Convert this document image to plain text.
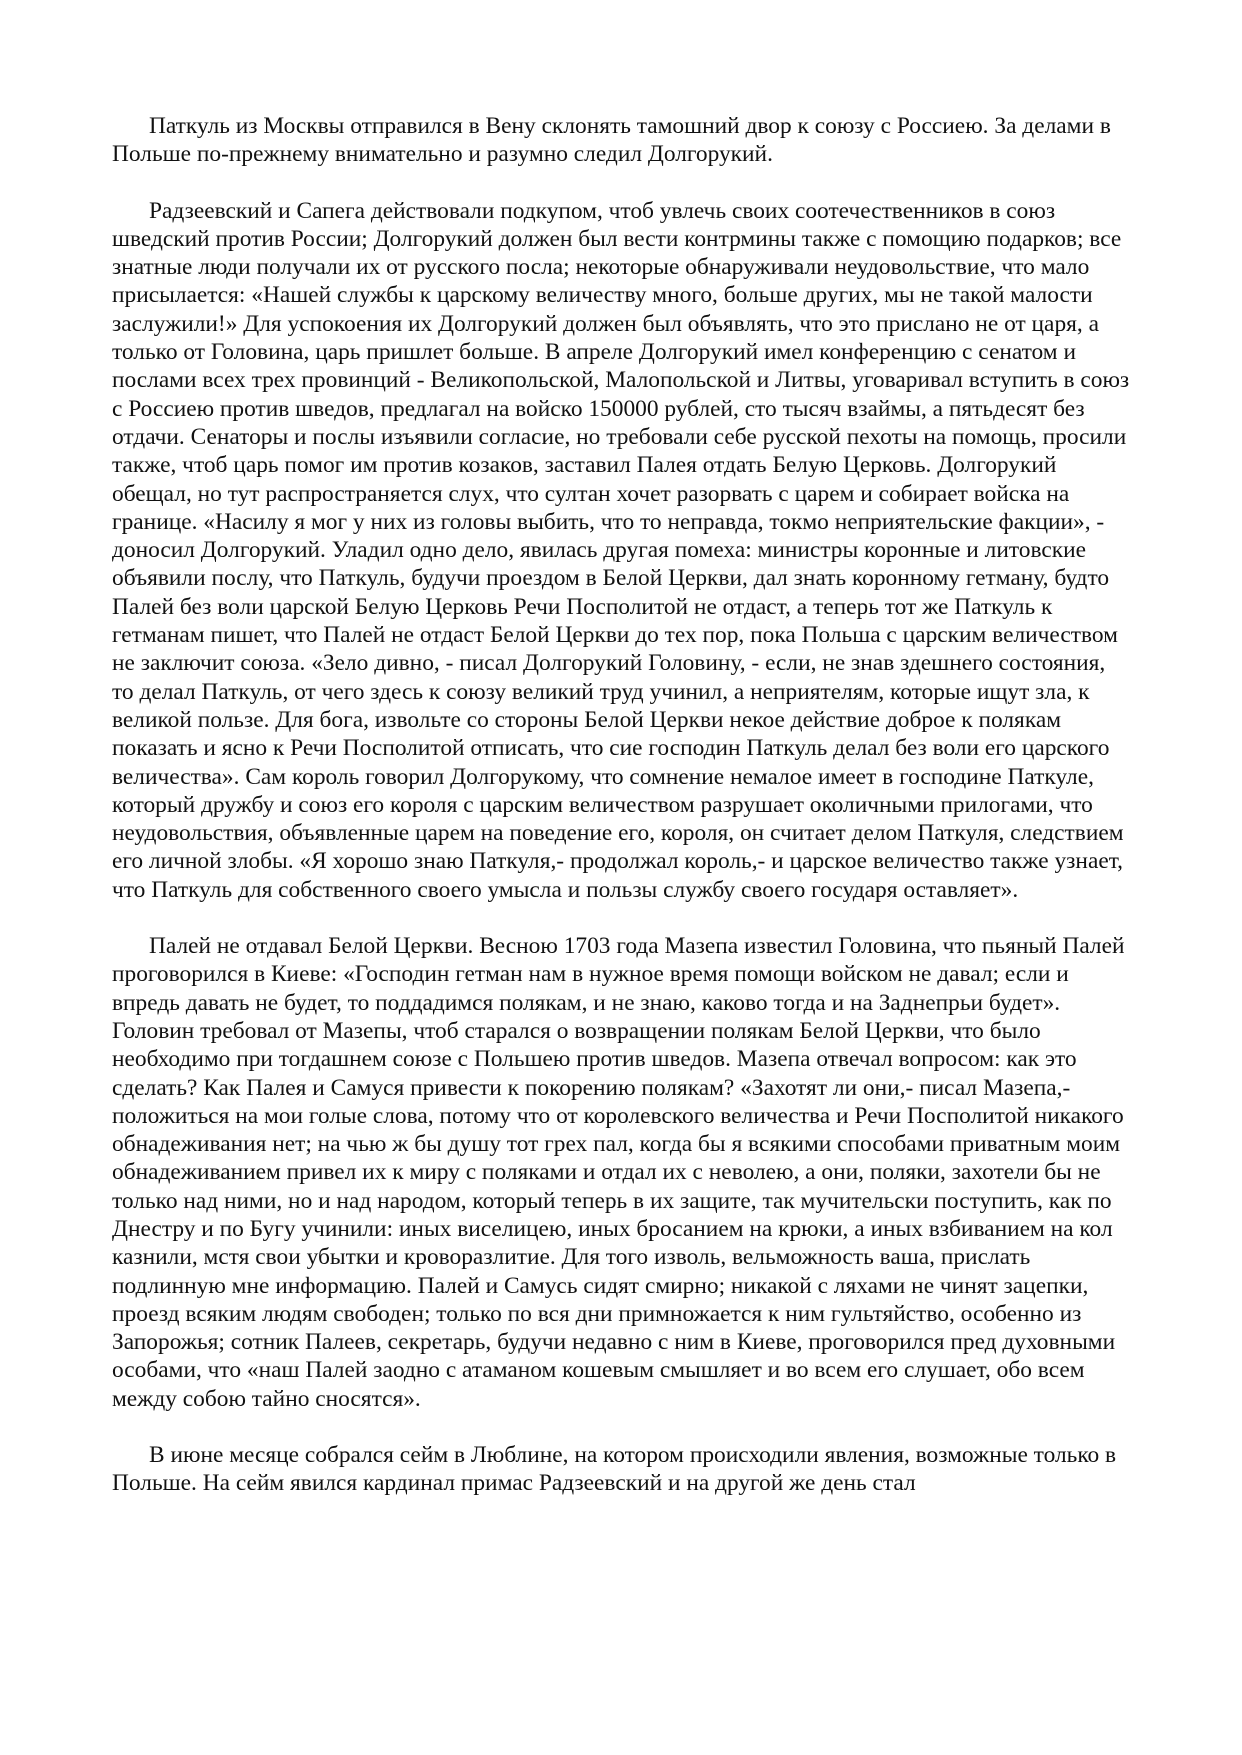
Паткуль из Москвы отправился в Вену склонять тамошний двор к союзу с Россиею. За делами в Польше по-прежнему внимательно и разумно следил Долгорукий.

Радзеевский и Сапега действовали подкупом, чтоб увлечь своих соотечественников в союз шведский против России; Долгорукий должен был вести контрмины также с помощию подарков; все знатные люди получали их от русского посла; некоторые обнаруживали неудовольствие, что мало присылается: «Нашей службы к царскому величеству много, больше других, мы не такой малости заслужили!» Для успокоения их Долгорукий должен был объявлять, что это прислано не от царя, а только от Головина, царь пришлет больше. В апреле Долгорукий имел конференцию с сенатом и послами всех трех провинций - Великопольской, Малопольской и Литвы, уговаривал вступить в союз с Россиею против шведов, предлагал на войско 150000 рублей, сто тысяч взаймы, а пятьдесят без отдачи. Сенаторы и послы изъявили согласие, но требовали себе русской пехоты на помощь, просили также, чтоб царь помог им против козаков, заставил Палея отдать Белую Церковь. Долгорукий обещал, но тут распространяется слух, что султан хочет разорвать с царем и собирает войска на границе. «Насилу я мог у них из головы выбить, что то неправда, токмо неприятельские факции», - доносил Долгорукий. Уладил одно дело, явилась другая помеха: министры коронные и литовские объявили послу, что Паткуль, будучи проездом в Белой Церкви, дал знать коронному гетману, будто Палей без воли царской Белую Церковь Речи Посполитой не отдаст, а теперь тот же Паткуль к гетманам пишет, что Палей не отдаст Белой Церкви до тех пор, пока Польша с царским величеством не заключит союза. «Зело дивно, - писал Долгорукий Головину, - если, не знав здешнего состояния, то делал Паткуль, от чего здесь к союзу великий труд учинил, а неприятелям, которые ищут зла, к великой пользе. Для бога, извольте со стороны Белой Церкви некое действие доброе к полякам показать и ясно к Речи Посполитой отписать, что сие господин Паткуль делал без воли его царского величества». Сам король говорил Долгорукому, что сомнение немалое имеет в господине Паткуле, который дружбу и союз его короля с царским величеством разрушает околичными прилогами, что неудовольствия, объявленные царем на поведение его, короля, он считает делом Паткуля, следствием его личной злобы. «Я хорошо знаю Паткуля,- продолжал король,- и царское величество также узнает, что Паткуль для собственного своего умысла и пользы службу своего государя оставляет».

Палей не отдавал Белой Церкви. Весною 1703 года Мазепа известил Головина, что пьяный Палей проговорился в Киеве: «Господин гетман нам в нужное время помощи войском не давал; если и впредь давать не будет, то поддадимся полякам, и не знаю, каково тогда и на Заднепрьи будет». Головин требовал от Мазепы, чтоб старался о возвращении полякам Белой Церкви, что было необходимо при тогдашнем союзе с Польшею против шведов. Мазепа отвечал вопросом: как это сделать? Как Палея и Самуся привести к покорению полякам? «Захотят ли они,- писал Мазепа,- положиться на мои голые слова, потому что от королевского величества и Речи Посполитой никакого обнадеживания нет; на чью ж бы душу тот грех пал, когда бы я всякими способами приватным моим обнадеживанием привел их к миру с поляками и отдал их с неволею, а они, поляки, захотели бы не только над ними, но и над народом, который теперь в их защите, так мучительски поступить, как по Днестру и по Бугу учинили: иных виселицею, иных бросанием на крюки, а иных взбиванием на кол казнили, мстя свои убытки и кроворазлитие. Для того изволь, вельможность ваша, прислать подлинную мне информацию. Палей и Самусь сидят смирно; никакой с ляхами не чинят зацепки, проезд всяким людям свободен; только по вся дни примножается к ним гультяйство, особенно из Запорожья; сотник Палеев, секретарь, будучи недавно с ним в Киеве, проговорился пред духовными особами, что «наш Палей заодно с атаманом кошевым смышляет и во всем его слушает, обо всем между собою тайно сносятся».

В июне месяце собрался сейм в Люблине, на котором происходили явления, возможные только в Польше. На сейм явился кардинал примас Радзеевский и на другой же день стал
